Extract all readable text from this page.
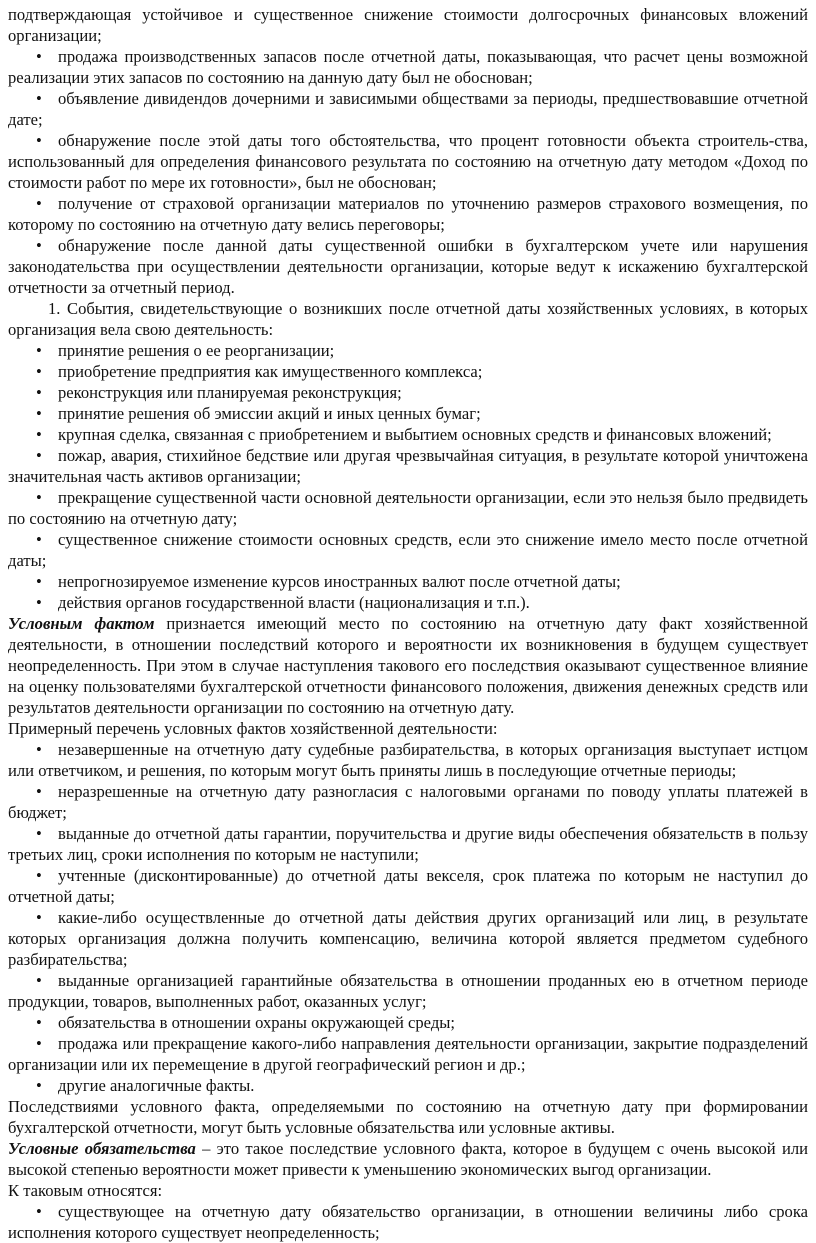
подтверждающая устойчивое и существенное снижение стоимости долгосрочных финансовых вложений организации;

• продажа производственных запасов после отчетной даты, показывающая, что расчет цены возможной реализации этих запасов по состоянию на данную дату был не обоснован;

• объявление дивидендов дочерними и зависимыми обществами за периоды, предшествовавшие отчетной дате;

• обнаружение после этой даты того обстоятельства, что процент готовности объекта строитель-ства, использованный для определения финансового результата по состоянию на отчетную дату методом «Доход по стоимости работ по мере их готовности», был не обоснован;

• получение от страховой организации материалов по уточнению размеров страхового возмещения, по которому по состоянию на отчетную дату велись переговоры;

• обнаружение после данной даты существенной ошибки в бухгалтерском учете или нарушения законодательства при осуществлении деятельности организации, которые ведут к искажению бухгалтерской отчетности за отчетный период.

1. События, свидетельствующие о возникших после отчетной даты хозяйственных условиях, в которых организация вела свою деятельность:

• принятие решения о ее реорганизации;

• приобретение предприятия как имущественного комплекса;

• реконструкция или планируемая реконструкция;

• принятие решения об эмиссии акций и иных ценных бумаг;

• крупная сделка, связанная с приобретением и выбытием основных средств и финансовых вложений;

• пожар, авария, стихийное бедствие или другая чрезвычайная ситуация, в результате которой уничтожена значительная часть активов организации;

• прекращение существенной части основной деятельности организации, если это нельзя было предвидеть по состоянию на отчетную дату;

• существенное снижение стоимости основных средств, если это снижение имело место после отчетной даты;

• непрогнозируемое изменение курсов иностранных валют после отчетной даты;

• действия органов государственной власти (национализация и т.п.).

Условным фактом признается имеющий место по состоянию на отчетную дату факт хозяйственной деятельности, в отношении последствий которого и вероятности их возникновения в будущем существует неопределенность. При этом в случае наступления такового его последствия оказывают существенное влияние на оценку пользователями бухгалтерской отчетности финансового положения, движения денежных средств или результатов деятельности организации по состоянию на отчетную дату.

Примерный перечень условных фактов хозяйственной деятельности:

• незавершенные на отчетную дату судебные разбирательства, в которых организация выступает истцом или ответчиком, и решения, по которым могут быть приняты лишь в последующие отчетные периоды;

• неразрешенные на отчетную дату разногласия с налоговыми органами по поводу уплаты платежей в бюджет;

• выданные до отчетной даты гарантии, поручительства и другие виды обеспечения обязательств в пользу третьих лиц, сроки исполнения по которым не наступили;

• учтенные (дисконтированные) до отчетной даты векселя, срок платежа по которым не наступил до отчетной даты;

• какие-либо осуществленные до отчетной даты действия других организаций или лиц, в результате которых организация должна получить компенсацию, величина которой является предметом судебного разбирательства;

• выданные организацией гарантийные обязательства в отношении проданных ею в отчетном периоде продукции, товаров, выполненных работ, оказанных услуг;

• обязательства в отношении охраны окружающей среды;

• продажа или прекращение какого-либо направления деятельности организации, закрытие подразделений организации или их перемещение в другой географический регион и др.;

• другие аналогичные факты.

Последствиями условного факта, определяемыми по состоянию на отчетную дату при формировании бухгалтерской отчетности, могут быть условные обязательства или условные активы.

Условные обязательства – это такое последствие условного факта, которое в будущем с очень высокой или высокой степенью вероятности может привести к уменьшению экономических выгод организации.

К таковым относятся:

• существующее на отчетную дату обязательство организации, в отношении величины либо срока исполнения которого существует неопределенность;
